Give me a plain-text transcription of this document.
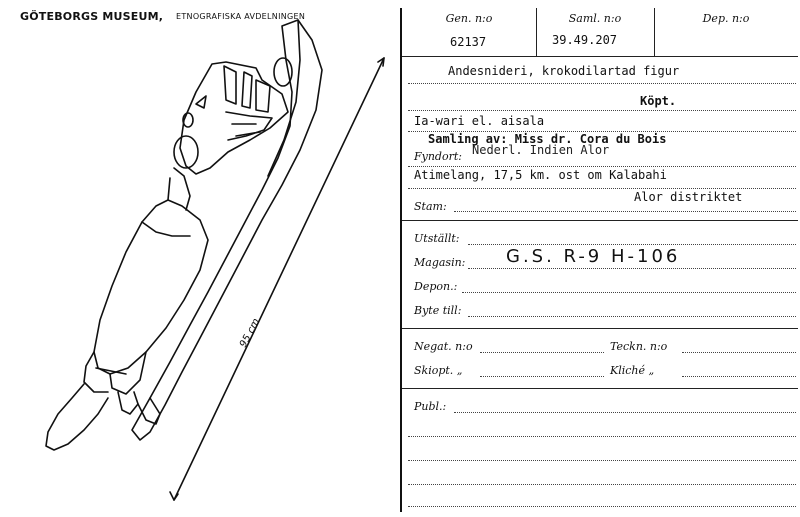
GÖTEBORGS MUSEUM, ETNOGRAFISKA AVDELNINGEN
95 cm
Gen. n:o	Saml. n:o	Dep. n:o
62137	39.49.207
Andesnideri, krokodilartad figur
Köpt.
Ia-wari el. aisala
Nederl. Indien Alor
Samling av: Miss dr. Cora du Bois
Fyndort:
Atimelang, 17,5 km. ost om Kalabahi
Alor distriktet
Stam:
Utställt:
Magasin: G.S. R-9 H-106
Depon.:
Byte till:
Negat. n:o	Teckn. n:o
Skiopt. „	Kliché „
Publ.:
